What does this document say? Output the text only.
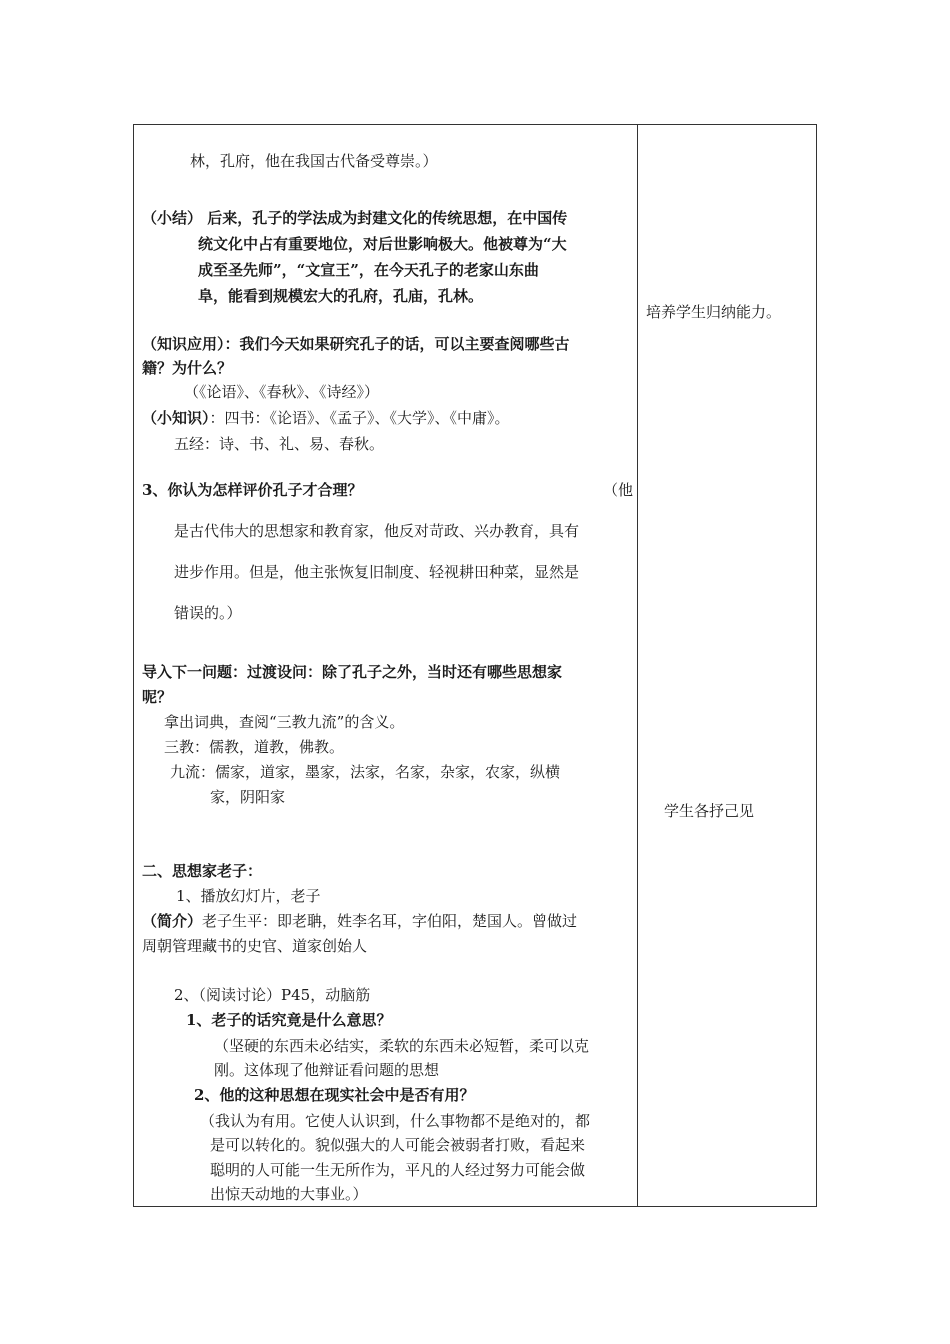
林，孔府，他在我国古代备受尊崇。）
（小结） 后来，孔子的学法成为封建文化的传统思想，在中国传
统文化中占有重要地位，对后世影响极大。他被尊为“大
成至圣先师”，“文宣王”，在今天孔子的老家山东曲
阜，能看到规模宏大的孔府，孔庙，孔林。
（知识应用）：我们今天如果研究孔子的话，可以主要查阅哪些古
籍？为什么？
（《论语》、《春秋》、《诗经》）
（小知识）：四书：《论语》、《孟子》、《大学》、《中庸》。
五经：诗、书、礼、易、春秋。
3、你认为怎样评价孔子才合理？	（他
是古代伟大的思想家和教育家，他反对苛政、兴办教育，具有
进步作用。但是，他主张恢复旧制度、轻视耕田种菜，显然是
错误的。）
导入下一问题：过渡设问：除了孔子之外，当时还有哪些思想家
呢？
拿出词典，查阅“三教九流”的含义。
三教：儒教，道教，佛教。
九流：儒家，道家，墨家，法家，名家，杂家，农家，纵横
家，阴阳家
二、思想家老子：
1、播放幻灯片，老子
（简介）老子生平：即老聃，姓李名耳，字伯阳，楚国人。曾做过
周朝管理藏书的史官、道家创始人
2、（阅读讨论）P45，动脑筋
1、老子的话究竟是什么意思？
（坚硬的东西未必结实，柔软的东西未必短暂，柔可以克
刚。这体现了他辩证看问题的思想
2、他的这种思想在现实社会中是否有用？
（我认为有用。它使人认识到，什么事物都不是绝对的，都
是可以转化的。貌似强大的人可能会被弱者打败，看起来
聪明的人可能一生无所作为，平凡的人经过努力可能会做
出惊天动地的大事业。）
培养学生归纳能力。
学生各抒己见
